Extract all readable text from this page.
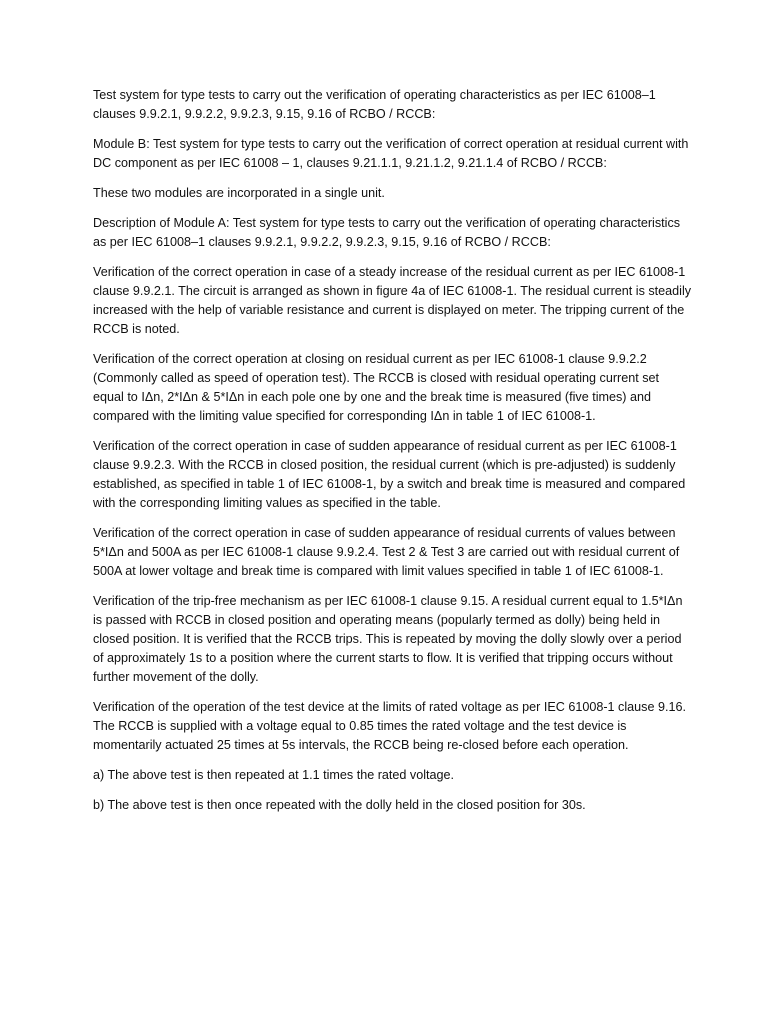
Test system for type tests to carry out the verification of operating characteristics as per IEC 61008–1 clauses 9.9.2.1, 9.9.2.2, 9.9.2.3, 9.15, 9.16 of RCBO / RCCB:

Module B: Test system for type tests to carry out the verification of correct operation at residual current with DC component as per IEC 61008 – 1, clauses 9.21.1.1, 9.21.1.2, 9.21.1.4 of RCBO / RCCB:

These two modules are incorporated in a single unit.

Description of Module A: Test system for type tests to carry out the verification of operating characteristics as per IEC 61008–1 clauses 9.9.2.1, 9.9.2.2, 9.9.2.3, 9.15, 9.16 of RCBO / RCCB:

Verification of the correct operation in case of a steady increase of the residual current as per IEC 61008-1 clause 9.9.2.1. The circuit is arranged as shown in figure 4a of IEC 61008-1. The residual current is steadily increased with the help of variable resistance and current is displayed on meter. The tripping current of the RCCB is noted.

Verification of the correct operation at closing on residual current as per IEC 61008-1 clause 9.9.2.2 (Commonly called as speed of operation test). The RCCB is closed with residual operating current set equal to IΔn, 2*IΔn & 5*IΔn in each pole one by one and the break time is measured (five times) and compared with the limiting value specified for corresponding IΔn in table 1 of IEC 61008-1.

Verification of the correct operation in case of sudden appearance of residual current as per IEC 61008-1 clause 9.9.2.3. With the RCCB in closed position, the residual current (which is pre-adjusted) is suddenly established, as specified in table 1 of IEC 61008-1, by a switch and break time is measured and compared with the corresponding limiting values as specified in the table.

Verification of the correct operation in case of sudden appearance of residual currents of values between 5*IΔn and 500A as per IEC 61008-1 clause 9.9.2.4. Test 2 & Test 3 are carried out with residual current of 500A at lower voltage and break time is compared with limit values specified in table 1 of IEC 61008-1.

Verification of the trip-free mechanism as per IEC 61008-1 clause 9.15. A residual current equal to 1.5*IΔn is passed with RCCB in closed position and operating means (popularly termed as dolly) being held in closed position. It is verified that the RCCB trips. This is repeated by moving the dolly slowly over a period of approximately 1s to a position where the current starts to flow. It is verified that tripping occurs without further movement of the dolly.

Verification of the operation of the test device at the limits of rated voltage as per IEC 61008-1 clause 9.16. The RCCB is supplied with a voltage equal to 0.85 times the rated voltage and the test device is momentarily actuated 25 times at 5s intervals, the RCCB being re-closed before each operation.

a) The above test is then repeated at 1.1 times the rated voltage.

b) The above test is then once repeated with the dolly held in the closed position for 30s.
